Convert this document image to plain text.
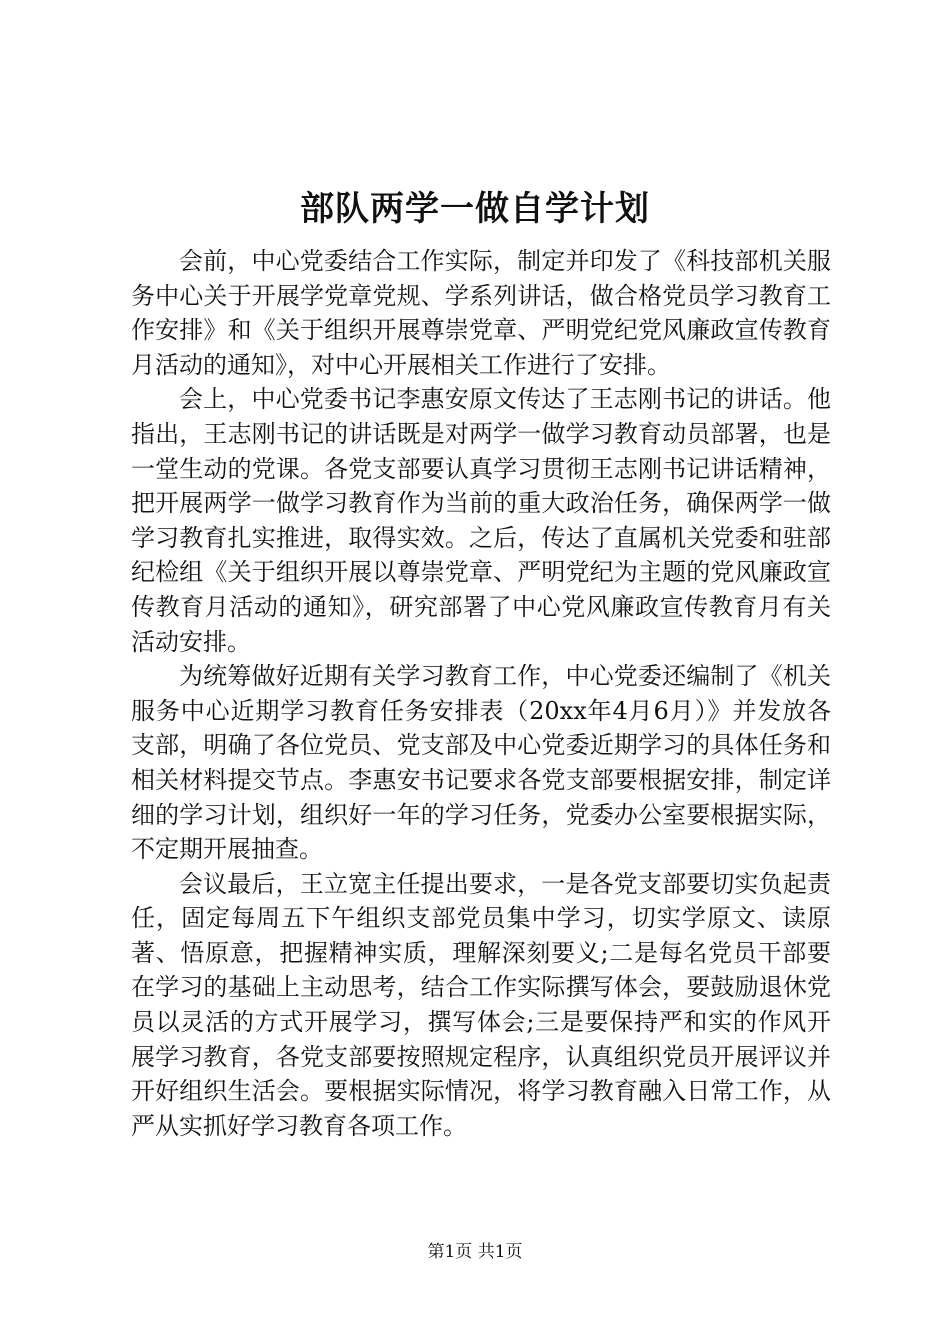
部队两学一做自学计划

会前，中心党委结合工作实际，制定并印发了《科技部机关服务中心关于开展学党章党规、学系列讲话，做合格党员学习教育工作安排》和《关于组织开展尊崇党章、严明党纪党风廉政宣传教育月活动的通知》，对中心开展相关工作进行了安排。

会上，中心党委书记李惠安原文传达了王志刚书记的讲话。他指出，王志刚书记的讲话既是对两学一做学习教育动员部署，也是一堂生动的党课。各党支部要认真学习贯彻王志刚书记讲话精神，把开展两学一做学习教育作为当前的重大政治任务，确保两学一做学习教育扎实推进，取得实效。之后，传达了直属机关党委和驻部纪检组《关于组织开展以尊崇党章、严明党纪为主题的党风廉政宣传教育月活动的通知》，研究部署了中心党风廉政宣传教育月有关活动安排。

为统筹做好近期有关学习教育工作，中心党委还编制了《机关服务中心近期学习教育任务安排表（20xx年4月6月）》并发放各支部，明确了各位党员、党支部及中心党委近期学习的具体任务和相关材料提交节点。李惠安书记要求各党支部要根据安排，制定详细的学习计划，组织好一年的学习任务，党委办公室要根据实际，不定期开展抽查。

会议最后，王立宽主任提出要求，一是各党支部要切实负起责任，固定每周五下午组织支部党员集中学习，切实学原文、读原著、悟原意，把握精神实质，理解深刻要义;二是每名党员干部要在学习的基础上主动思考，结合工作实际撰写体会，要鼓励退休党员以灵活的方式开展学习，撰写体会;三是要保持严和实的作风开展学习教育，各党支部要按照规定程序，认真组织党员开展评议并开好组织生活会。要根据实际情况，将学习教育融入日常工作，从严从实抓好学习教育各项工作。

第1页 共1页
